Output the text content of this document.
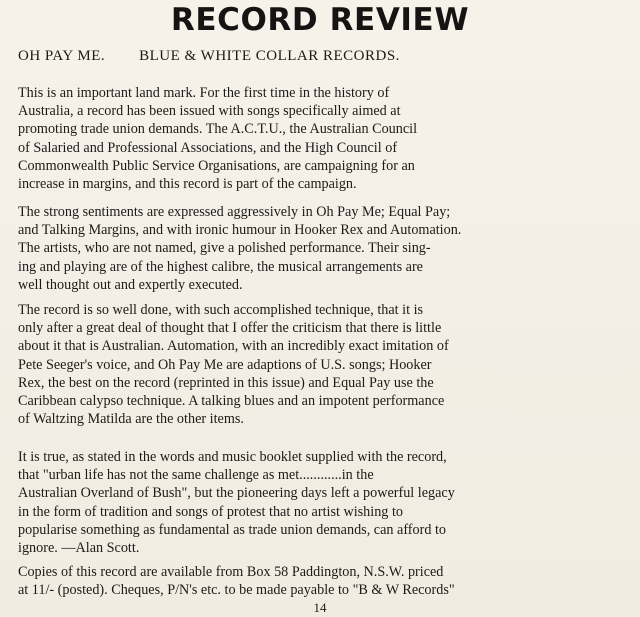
RECORD REVIEW
OH PAY ME. BLUE & WHITE COLLAR RECORDS.
This is an important land mark. For the first time in the history of
Australia, a record has been issued with songs specifically aimed at
promoting trade union demands. The A.C.T.U., the Australian Council
of Salaried and Professional Associations, and the High Council of
Commonwealth Public Service Organisations, are campaigning for an
increase in margins, and this record is part of the campaign.
The strong sentiments are expressed aggressively in Oh Pay Me; Equal Pay;
and Talking Margins, and with ironic humour in Hooker Rex and Automation.
The artists, who are not named, give a polished performance. Their sing-
ing and playing are of the highest calibre, the musical arrangements are
well thought out and expertly executed.
The record is so well done, with such accomplished technique, that it is
only after a great deal of thought that I offer the criticism that there is little
about it that is Australian. Automation, with an incredibly exact imitation of
Pete Seeger's voice, and Oh Pay Me are adaptions of U.S. songs; Hooker
Rex, the best on the record (reprinted in this issue) and Equal Pay use the
Caribbean calypso technique. A talking blues and an impotent performance
of Waltzing Matilda are the other items.
It is true, as stated in the words and music booklet supplied with the record,
that "urban life has not the same challenge as met............in the
Australian Overland of Bush", but the pioneering days left a powerful legacy
in the form of tradition and songs of protest that no artist wishing to
popularise something as fundamental as trade union demands, can afford to
ignore. —Alan Scott.
Copies of this record are available from Box 58 Paddington, N.S.W. priced
at 11/- (posted). Cheques, P/N's etc. to be made payable to "B & W Records"
14
